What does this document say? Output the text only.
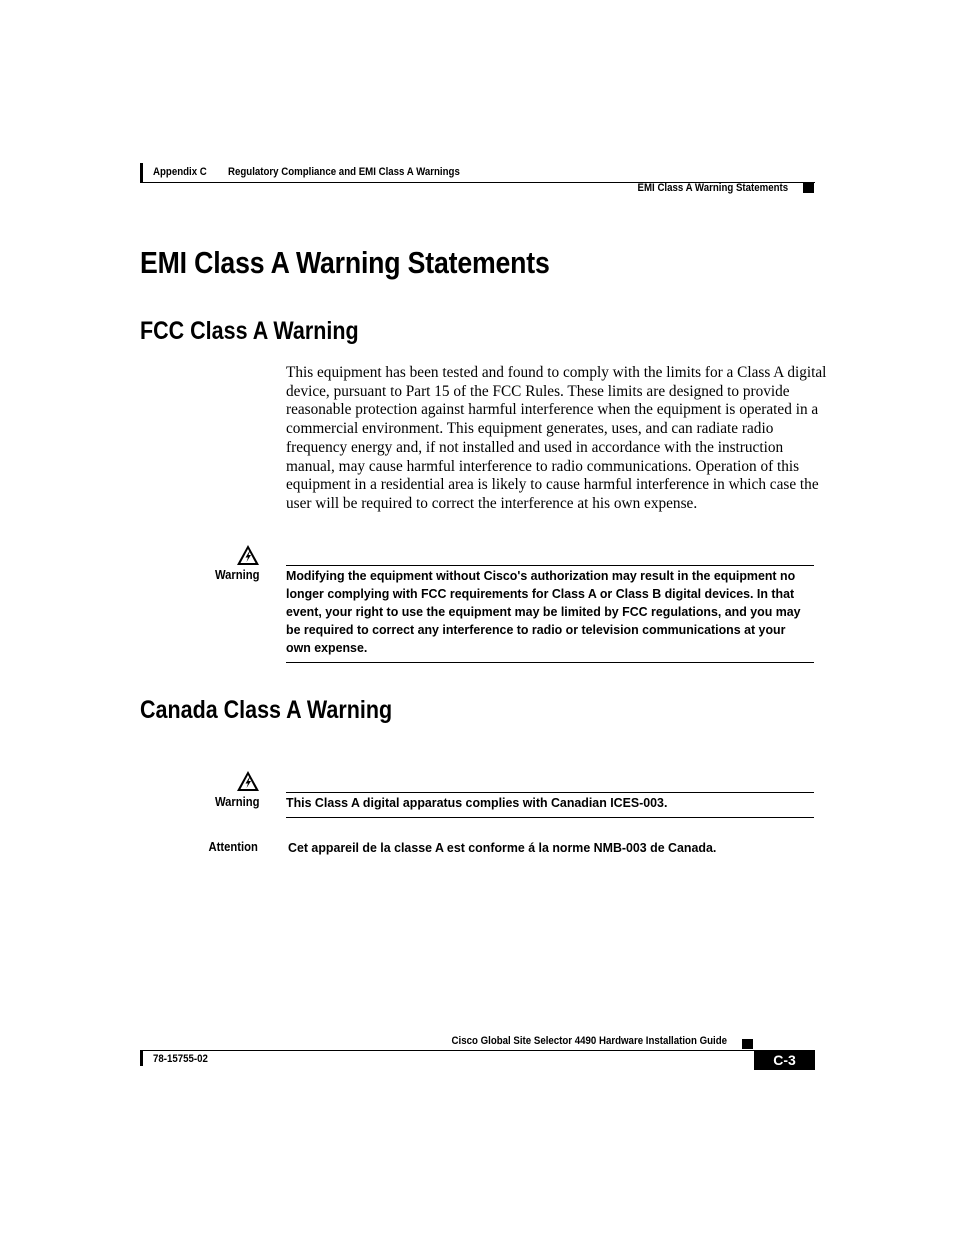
Appendix C Regulatory Compliance and EMI Class A Warnings
EMI Class A Warning Statements
EMI Class A Warning Statements
FCC Class A Warning
This equipment has been tested and found to comply with the limits for a Class A digital device, pursuant to Part 15 of the FCC Rules. These limits are designed to provide reasonable protection against harmful interference when the equipment is operated in a commercial environment. This equipment generates, uses, and can radiate radio frequency energy and, if not installed and used in accordance with the instruction manual, may cause harmful interference to radio communications. Operation of this equipment in a residential area is likely to cause harmful interference in which case the user will be required to correct the interference at his own expense.
Warning Modifying the equipment without Cisco's authorization may result in the equipment no longer complying with FCC requirements for Class A or Class B digital devices. In that event, your right to use the equipment may be limited by FCC regulations, and you may be required to correct any interference to radio or television communications at your own expense.
Canada Class A Warning
Warning This Class A digital apparatus complies with Canadian ICES-003.
Attention Cet appareil de la classe A est conforme á la norme NMB-003 de Canada.
Cisco Global Site Selector 4490 Hardware Installation Guide
78-15755-02	C-3
